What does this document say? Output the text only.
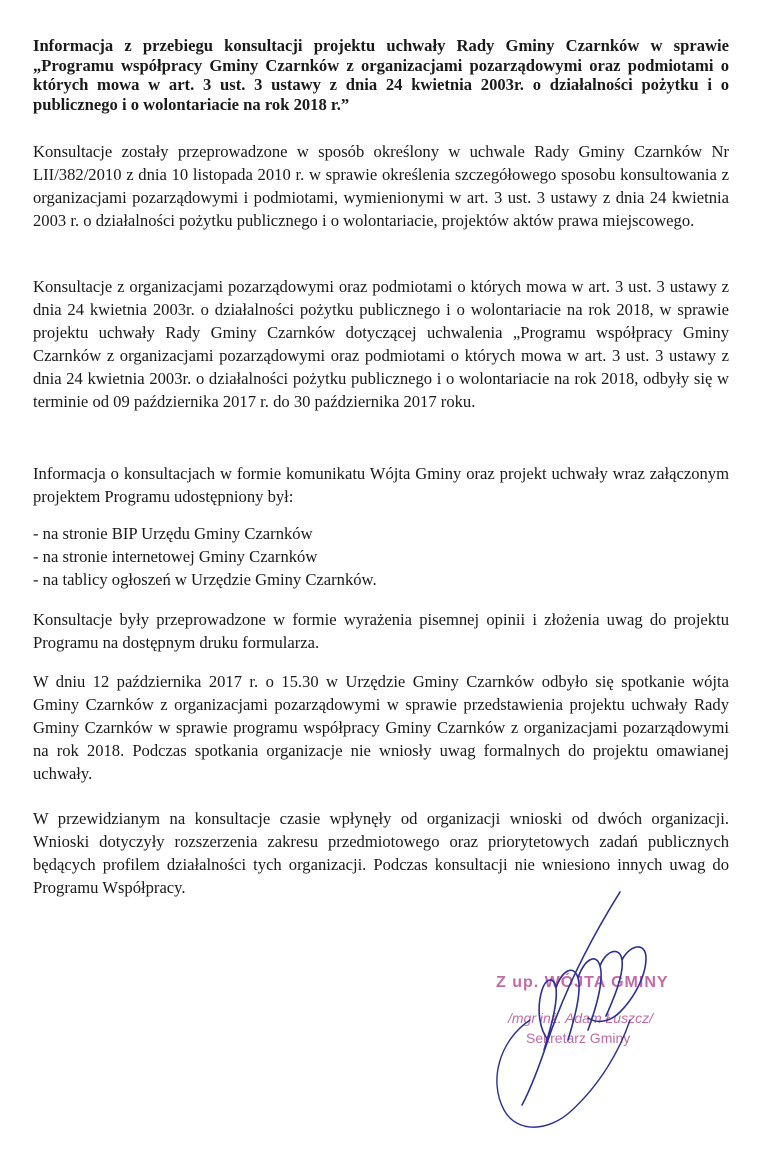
Informacja z przebiegu konsultacji projektu uchwały Rady Gminy Czarnków w sprawie „Programu współpracy Gminy Czarnków z organizacjami pozarządowymi oraz podmiotami o których mowa w art. 3 ust. 3 ustawy z dnia 24 kwietnia 2003r. o działalności pożytku i o publicznego i o wolontariacie na rok 2018 r.”

Konsultacje zostały przeprowadzone w sposób określony w uchwale Rady Gminy Czarnków Nr LII/382/2010 z dnia 10 listopada 2010 r. w sprawie określenia szczegółowego sposobu konsultowania z organizacjami pozarządowymi i podmiotami, wymienionymi w art. 3 ust. 3 ustawy z dnia 24 kwietnia 2003 r. o działalności pożytku publicznego i o wolontariacie, projektów aktów prawa miejscowego.

Konsultacje z organizacjami pozarządowymi oraz podmiotami o których mowa w art. 3 ust. 3 ustawy z dnia 24 kwietnia 2003r. o działalności pożytku publicznego i o wolontariacie na rok 2018, w sprawie projektu uchwały Rady Gminy Czarnków dotyczącej uchwalenia „Programu współpracy Gminy Czarnków z organizacjami pozarządowymi oraz podmiotami o których mowa w art. 3 ust. 3 ustawy z dnia 24 kwietnia 2003r. o działalności pożytku publicznego i o wolontariacie na rok 2018, odbyły się w terminie od 09 października 2017 r. do 30 października 2017 roku.

Informacja o konsultacjach w formie komunikatu Wójta Gminy oraz projekt uchwały wraz załączonym projektem Programu udostępniony był:

- na stronie BIP Urzędu Gminy Czarnków
- na stronie internetowej Gminy Czarnków
- na tablicy ogłoszeń w Urzędzie Gminy Czarnków.

Konsultacje były przeprowadzone w formie wyrażenia pisemnej opinii i złożenia uwag do projektu Programu na dostępnym druku formularza.

W dniu 12 października 2017 r. o 15.30 w Urzędzie Gminy Czarnków odbyło się spotkanie wójta Gminy Czarnków z organizacjami pozarządowymi w sprawie przedstawienia projektu uchwały Rady Gminy Czarnków w sprawie programu współpracy Gminy Czarnków z organizacjami pozarządowymi na rok 2018. Podczas spotkania organizacje nie wniosły uwag formalnych do projektu omawianej uchwały.

W przewidzianym na konsultacje czasie wpłynęły od organizacji wnioski od dwóch organizacji. Wnioski dotyczyły rozszerzenia zakresu przedmiotowego oraz priorytetowych zadań publicznych będących profilem działalności tych organizacji. Podczas konsultacji nie wniesiono innych uwag do Programu Współpracy.

Z up. WÓJTA GMINY
/mgr inż. Adam Łuszcz/
Sekretarz Gminy
